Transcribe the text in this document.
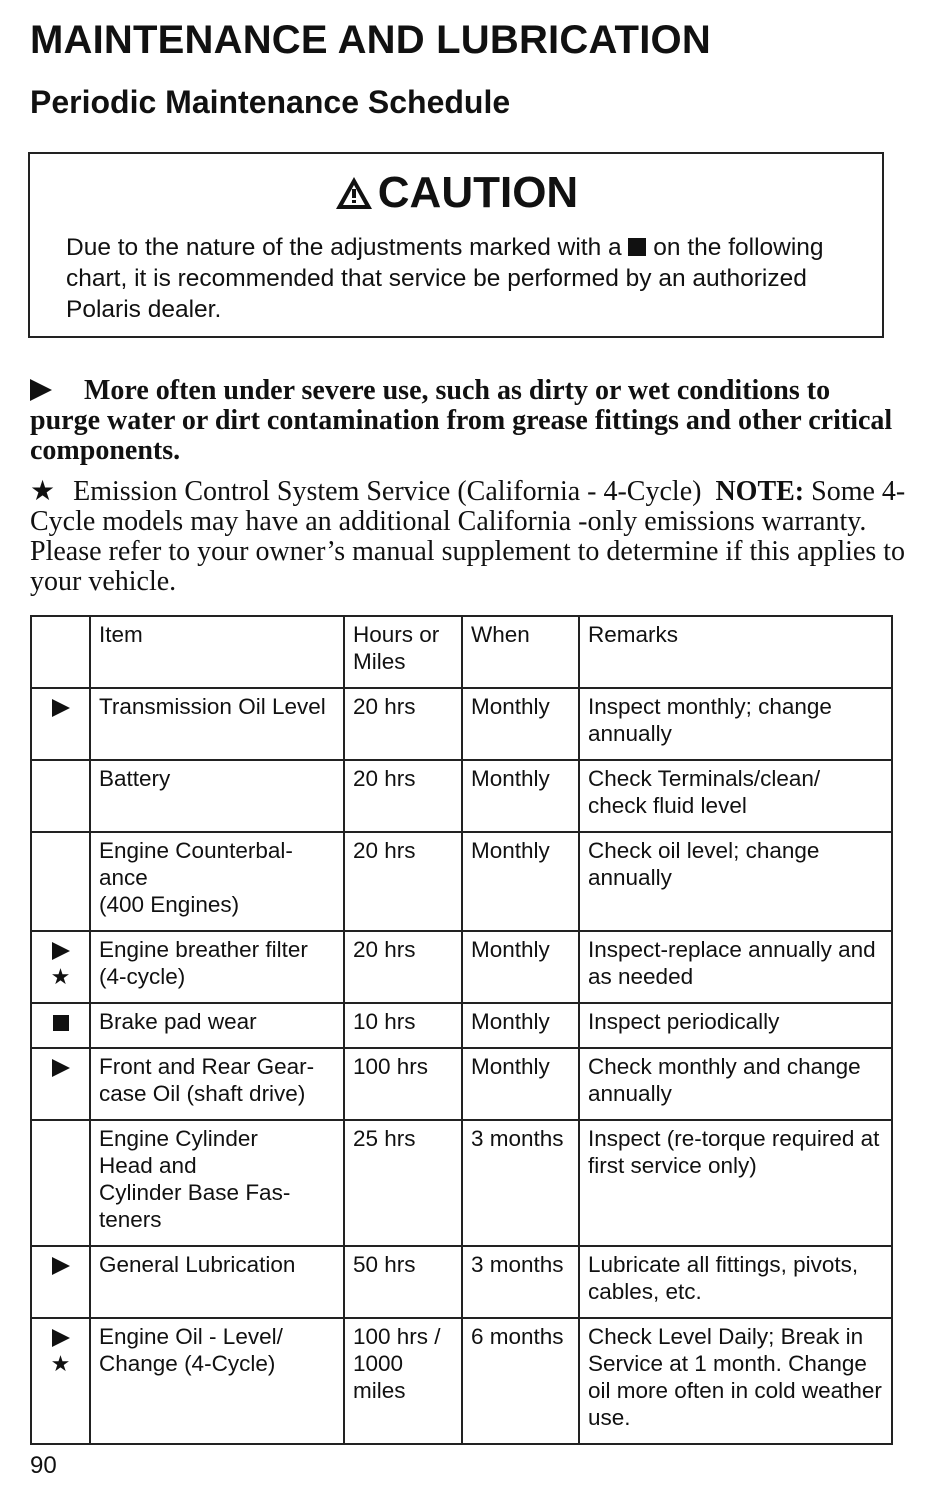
MAINTENANCE AND LUBRICATION
Periodic Maintenance Schedule
CAUTION
Due to the nature of the adjustments marked with a on the following chart, it is recommended that service be performed by an authorized Polaris dealer.
More often under severe use, such as dirty or wet conditions to purge water or dirt contamination from grease fittings and other critical components.
★ Emission Control System Service (California - 4-Cycle) NOTE: Some 4-Cycle models may have an additional California -only emissions warranty. Please refer to your owner’s manual supplement to determine if this applies to your vehicle.
	Item	Hours or Miles	When	Remarks

	Transmission Oil Level	20 hrs	Monthly	Inspect monthly; change annually
	Battery	20 hrs	Monthly	Check Terminals/clean/ check fluid level
	Engine Counterbal-
ance
(400 Engines)	20 hrs	Monthly	Check oil level; change annually

★	Engine breather filter (4-cycle)	20 hrs	Monthly	Inspect-replace annually and as needed

	Brake pad wear	10 hrs	Monthly	Inspect periodically

	Front and Rear Gear-
case Oil (shaft drive)	100 hrs	Monthly	Check monthly and change annually
	Engine Cylinder
Head and
Cylinder Base Fas-
teners	25 hrs	3 months	Inspect (re-torque required at first service only)

	General Lubrication	50 hrs	3 months	Lubricate all fittings, pivots, cables, etc.

★	Engine Oil - Level/
Change (4-Cycle)	100 hrs / 1000 miles	6 months	Check Level Daily; Break in Service at 1 month. Change oil more often in cold weather use.

90
